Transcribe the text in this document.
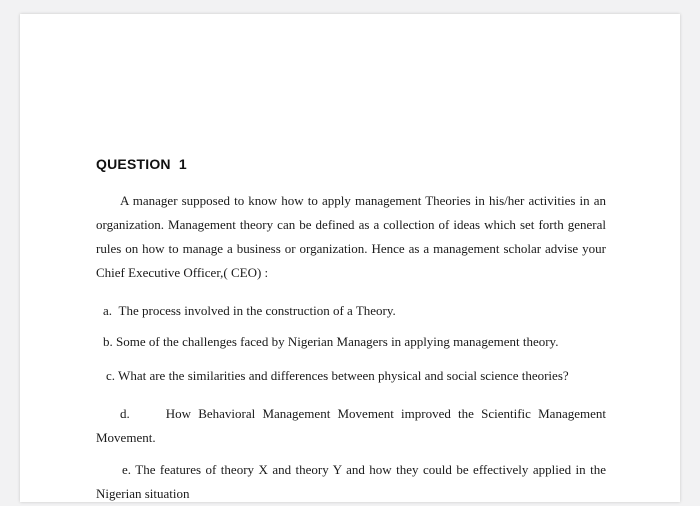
QUESTION  1
A manager supposed to know how to apply management Theories in his/her activities in an organization. Management theory can be defined as a collection of ideas which set forth general rules on how to manage a business or organization. Hence as a management scholar advise your Chief Executive Officer,( CEO) :
a. The process involved in the construction of a Theory.
b. Some of the challenges faced by Nigerian Managers in applying management theory.
c. What are the similarities and differences between physical and social science theories?
d.	How Behavioral Management Movement improved the Scientific Management Movement.
e. The features of theory X and theory Y and how they could be effectively applied in the Nigerian situation
